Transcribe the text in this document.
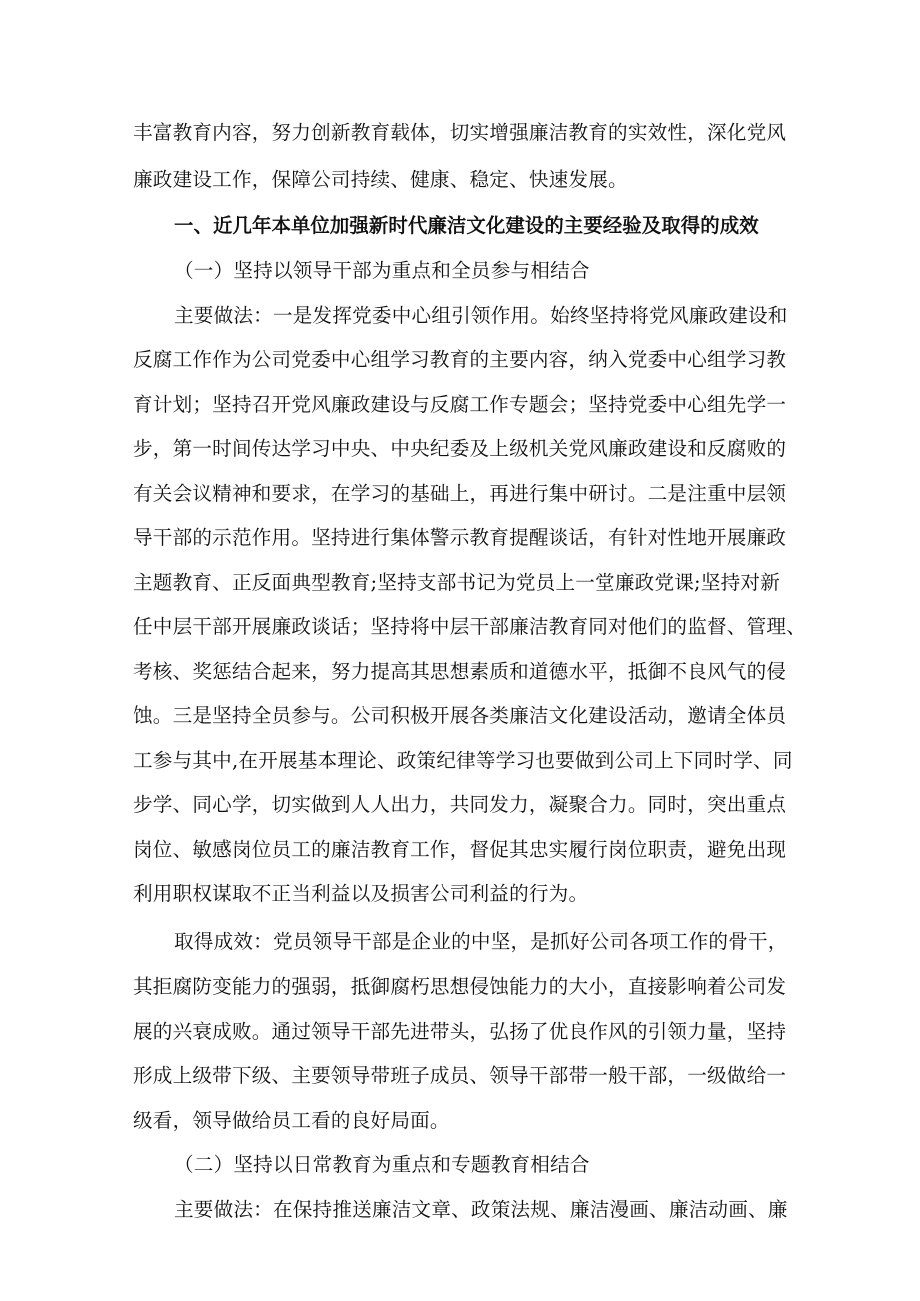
丰富教育内容，努力创新教育载体，切实增强廉洁教育的实效性，深化党风
廉政建设工作，保障公司持续、健康、稳定、快速发展。
一、近几年本单位加强新时代廉洁文化建设的主要经验及取得的成效
（一）坚持以领导干部为重点和全员参与相结合
主要做法：一是发挥党委中心组引领作用。始终坚持将党风廉政建设和
反腐工作作为公司党委中心组学习教育的主要内容，纳入党委中心组学习教
育计划；坚持召开党风廉政建设与反腐工作专题会；坚持党委中心组先学一
步，第一时间传达学习中央、中央纪委及上级机关党风廉政建设和反腐败的
有关会议精神和要求，在学习的基础上，再进行集中研讨。二是注重中层领
导干部的示范作用。坚持进行集体警示教育提醒谈话，有针对性地开展廉政
主题教育、正反面典型教育;坚持支部书记为党员上一堂廉政党课;坚持对新
任中层干部开展廉政谈话；坚持将中层干部廉洁教育同对他们的监督、管理、
考核、奖惩结合起来，努力提高其思想素质和道德水平，抵御不良风气的侵
蚀。三是坚持全员参与。公司积极开展各类廉洁文化建设活动，邀请全体员
工参与其中,在开展基本理论、政策纪律等学习也要做到公司上下同时学、同
步学、同心学，切实做到人人出力，共同发力，凝聚合力。同时，突出重点
岗位、敏感岗位员工的廉洁教育工作，督促其忠实履行岗位职责，避免出现
利用职权谋取不正当利益以及损害公司利益的行为。
取得成效：党员领导干部是企业的中坚，是抓好公司各项工作的骨干，
其拒腐防变能力的强弱，抵御腐朽思想侵蚀能力的大小，直接影响着公司发
展的兴衰成败。通过领导干部先进带头，弘扬了优良作风的引领力量，坚持
形成上级带下级、主要领导带班子成员、领导干部带一般干部，一级做给一
级看，领导做给员工看的良好局面。
（二）坚持以日常教育为重点和专题教育相结合
主要做法：在保持推送廉洁文章、政策法规、廉洁漫画、廉洁动画、廉
